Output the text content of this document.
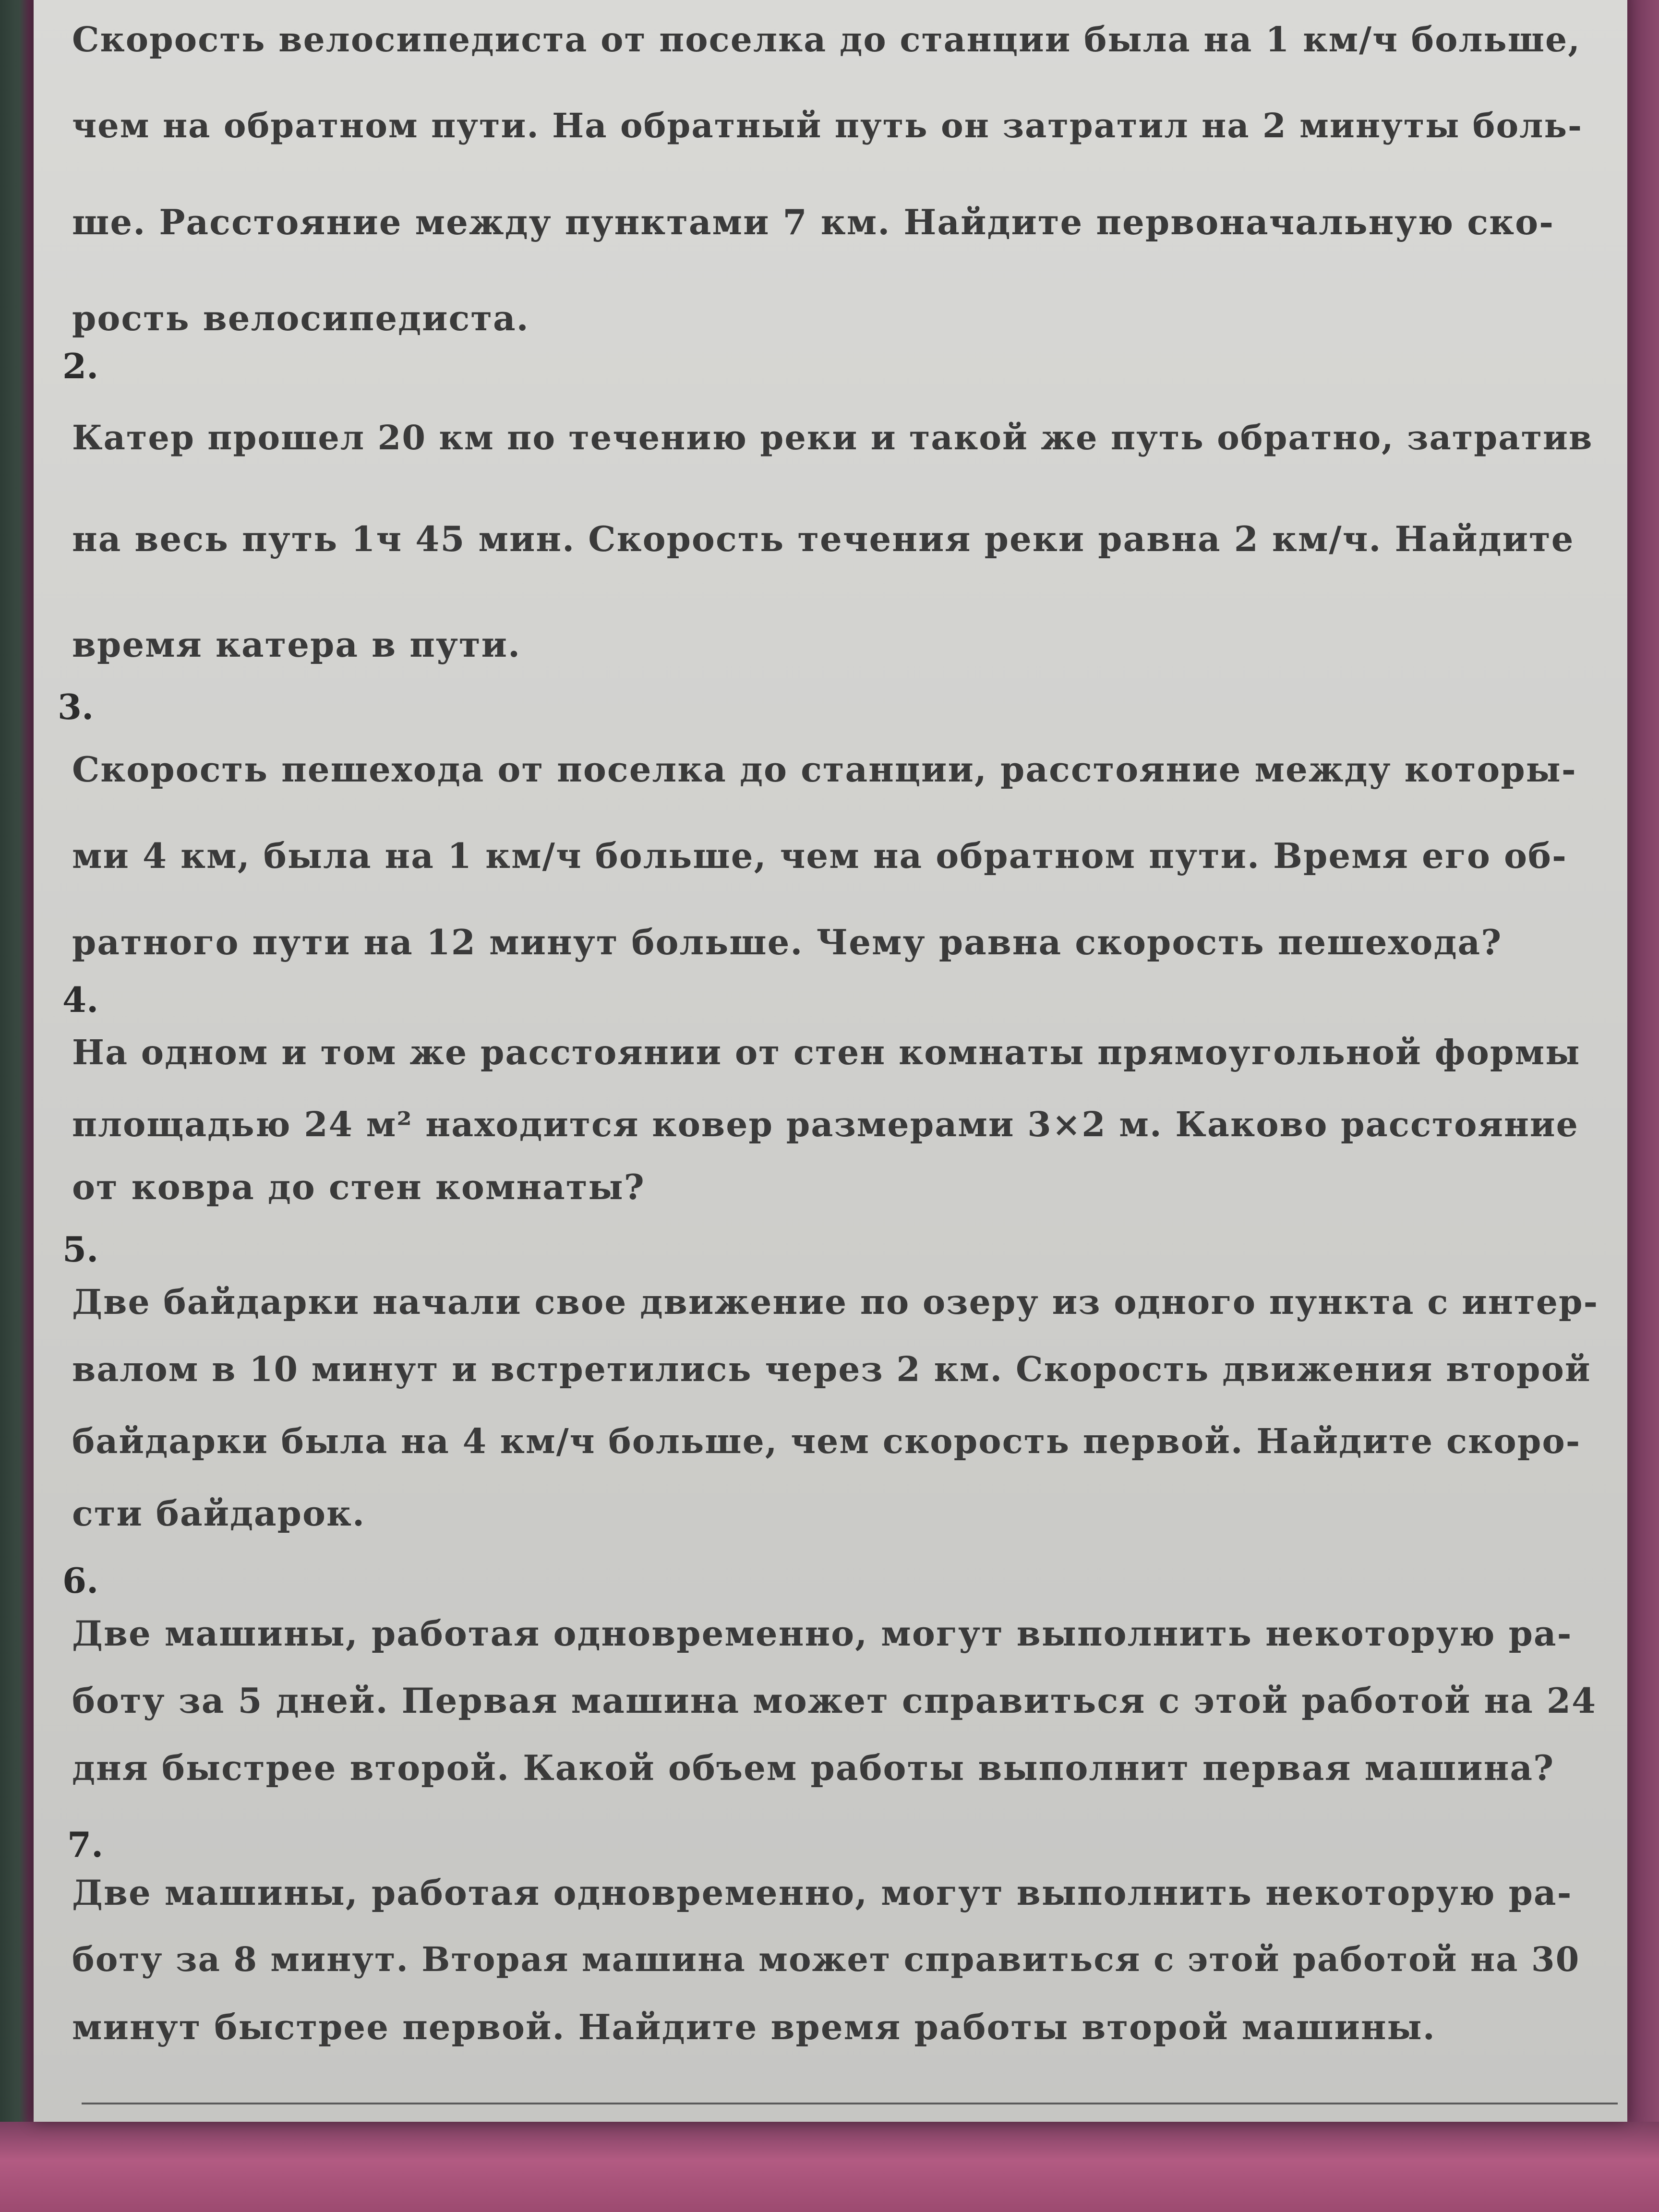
Скорость велосипедиста от поселка до станции была на 1 км/ч больше,
чем на обратном пути. На обратный путь он затратил на 2 минуты боль-
ше. Расстояние между пунктами 7 км. Найдите первоначальную ско-
рость велосипедиста.
2.
Катер прошел 20 км по течению реки и такой же путь обратно, затратив
на весь путь 1ч 45 мин. Скорость течения реки равна 2 км/ч. Найдите
время катера в пути.
3.
Скорость пешехода от поселка до станции, расстояние между которы-
ми 4 км, была на 1 км/ч больше, чем на обратном пути. Время его об-
ратного пути на 12 минут больше. Чему равна скорость пешехода?
4.
На одном и том же расстоянии от стен комнаты прямоугольной формы
площадью 24 м² находится ковер размерами 3×2 м. Каково расстояние
от ковра до стен комнаты?
5.
Две байдарки начали свое движение по озеру из одного пункта с интер-
валом в 10 минут и встретились через 2 км. Скорость движения второй
байдарки была на 4 км/ч больше, чем скорость первой. Найдите скоро-
сти байдарок.
6.
Две машины, работая одновременно, могут выполнить некоторую ра-
боту за 5 дней. Первая машина может справиться с этой работой на 24
дня быстрее второй. Какой объем работы выполнит первая машина?
7.
Две машины, работая одновременно, могут выполнить некоторую ра-
боту за 8 минут. Вторая машина может справиться с этой работой на 30
минут быстрее первой. Найдите время работы второй машины.
